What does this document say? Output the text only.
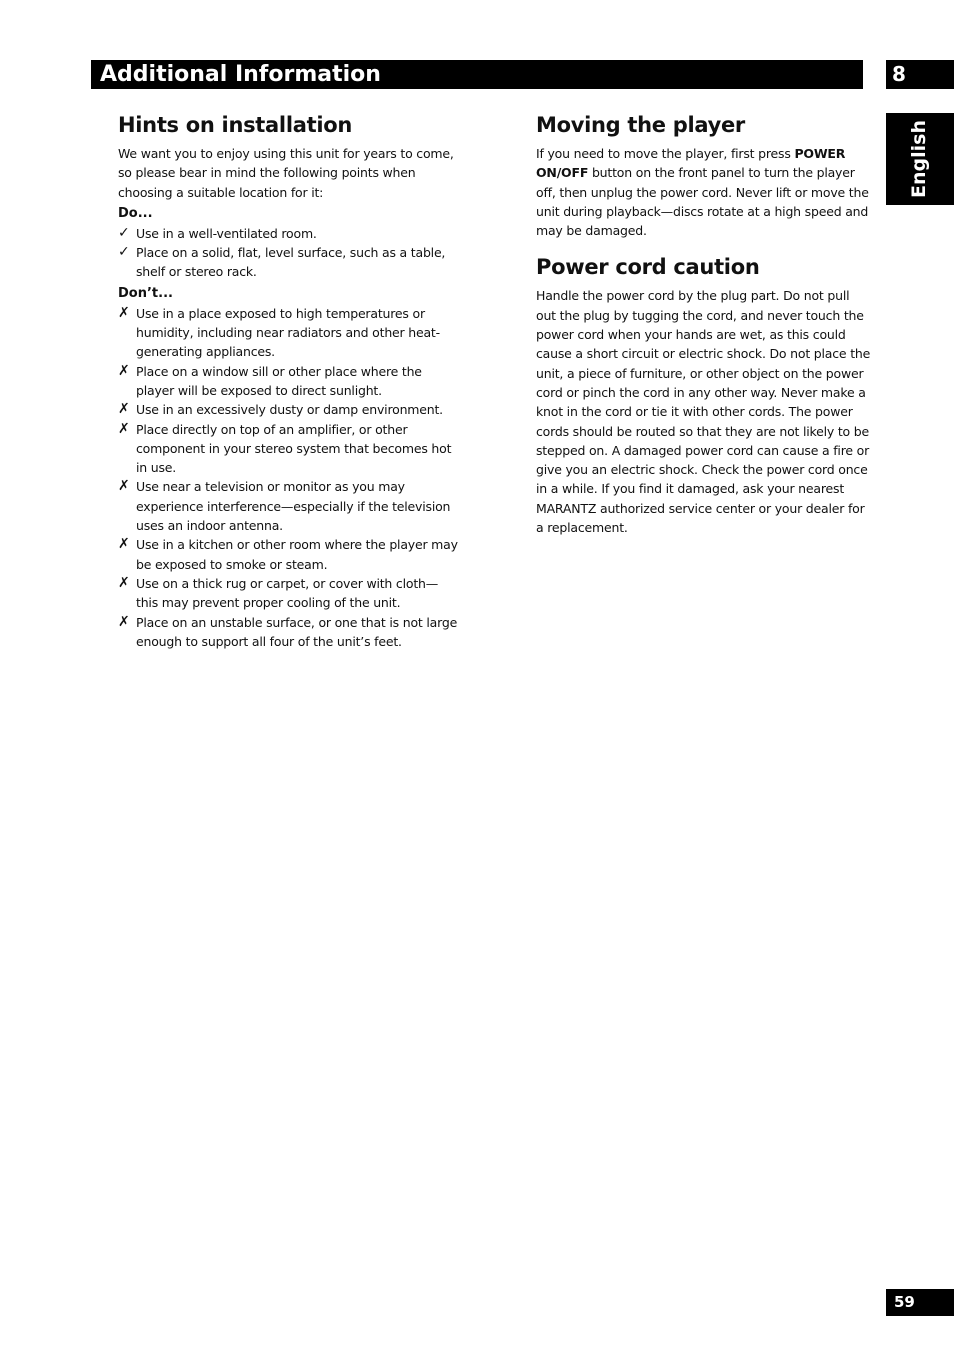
Additional Information	8
English
Hints on installation

We want you to enjoy using this unit for years to come, so please bear in mind the following points when choosing a suitable location for it:

Do...
✓ Use in a well-ventilated room.
✓ Place on a solid, flat, level surface, such as a table, shelf or stereo rack.
Don’t...
✗ Use in a place exposed to high temperatures or humidity, including near radiators and other heat-generating appliances.
✗ Place on a window sill or other place where the player will be exposed to direct sunlight.
✗ Use in an excessively dusty or damp environment.
✗ Place directly on top of an amplifier, or other component in your stereo system that becomes hot in use.
✗ Use near a television or monitor as you may experience interference—especially if the television uses an indoor antenna.
✗ Use in a kitchen or other room where the player may be exposed to smoke or steam.
✗ Use on a thick rug or carpet, or cover with cloth—this may prevent proper cooling of the unit.
✗ Place on an unstable surface, or one that is not large enough to support all four of the unit’s feet.
Moving the player

If you need to move the player, first press POWER ON/OFF button on the front panel to turn the player off, then unplug the power cord. Never lift or move the unit during playback—discs rotate at a high speed and may be damaged.

Power cord caution

Handle the power cord by the plug part. Do not pull out the plug by tugging the cord, and never touch the power cord when your hands are wet, as this could cause a short circuit or electric shock. Do not place the unit, a piece of furniture, or other object on the power cord or pinch the cord in any other way. Never make a knot in the cord or tie it with other cords. The power cords should be routed so that they are not likely to be stepped on. A damaged power cord can cause a fire or give you an electric shock. Check the power cord once in a while. If you find it damaged, ask your nearest MARANTZ authorized service center or your dealer for a replacement.

59
